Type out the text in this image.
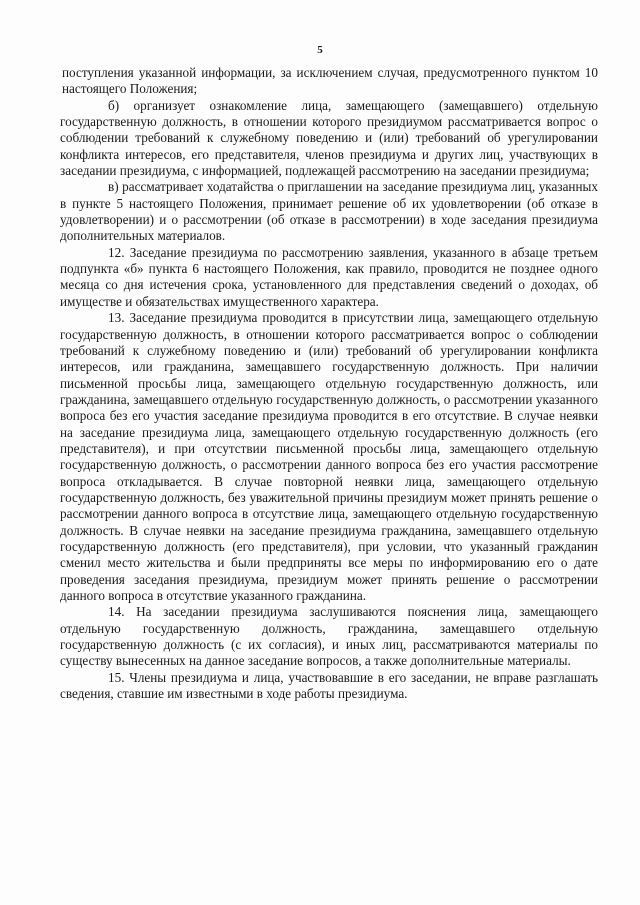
5

поступления указанной информации, за исключением случая, предусмотренного пунктом 10 настоящего Положения;

б) организует ознакомление лица, замещающего (замещавшего) отдельную государственную должность, в отношении которого президиумом рассматривается вопрос о соблюдении требований к служебному поведению и (или) требований об урегулировании конфликта интересов, его представителя, членов президиума и других лиц, участвующих в заседании президиума, с информацией, подлежащей рассмотрению на заседании президиума;

в) рассматривает ходатайства о приглашении на заседание президиума лиц, указанных в пункте 5 настоящего Положения, принимает решение об их удовлетворении (об отказе в удовлетворении) и о рассмотрении (об отказе в рассмотрении) в ходе заседания президиума дополнительных материалов.

12. Заседание президиума по рассмотрению заявления, указанного в абзаце третьем подпункта «б» пункта 6 настоящего Положения, как правило, проводится не позднее одного месяца со дня истечения срока, установленного для представления сведений о доходах, об имуществе и обязательствах имущественного характера.

13. Заседание президиума проводится в присутствии лица, замещающего отдельную государственную должность, в отношении которого рассматривается вопрос о соблюдении требований к служебному поведению и (или) требований об урегулировании конфликта интересов, или гражданина, замещавшего государственную должность. При наличии письменной просьбы лица, замещающего отдельную государственную должность, или гражданина, замещавшего отдельную государственную должность, о рассмотрении указанного вопроса без его участия заседание президиума проводится в его отсутствие. В случае неявки на заседание президиума лица, замещающего отдельную государственную должность (его представителя), и при отсутствии письменной просьбы лица, замещающего отдельную государственную должность, о рассмотрении данного вопроса без его участия рассмотрение вопроса откладывается. В случае повторной неявки лица, замещающего отдельную государственную должность, без уважительной причины президиум может принять решение о рассмотрении данного вопроса в отсутствие лица, замещающего отдельную государственную должность. В случае неявки на заседание президиума гражданина, замещавшего отдельную государственную должность (его представителя), при условии, что указанный гражданин сменил место жительства и были предприняты все меры по информированию его о дате проведения заседания президиума, президиум может принять решение о рассмотрении данного вопроса в отсутствие указанного гражданина.

14. На заседании президиума заслушиваются пояснения лица, замещающего отдельную государственную должность, гражданина, замещавшего отдельную государственную должность (с их согласия), и иных лиц, рассматриваются материалы по существу вынесенных на данное заседание вопросов, а также дополнительные материалы.

15. Члены президиума и лица, участвовавшие в его заседании, не вправе разглашать сведения, ставшие им известными в ходе работы президиума.
